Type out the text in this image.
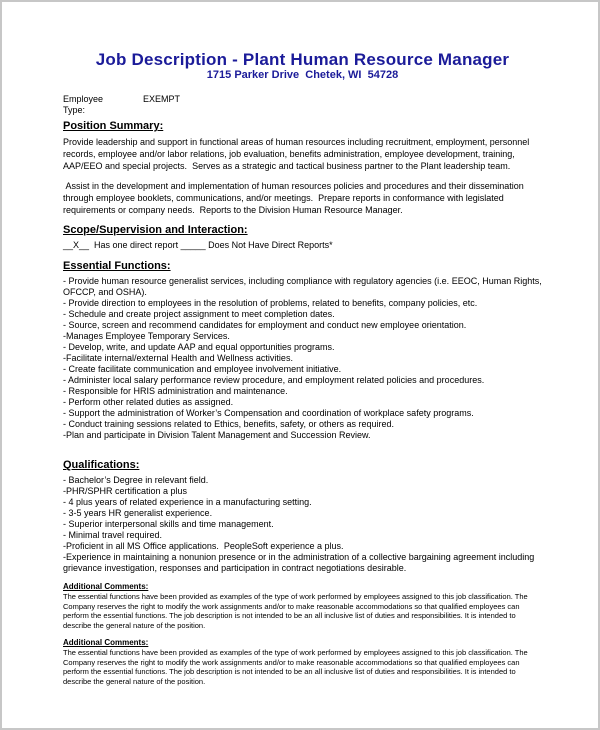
Job Description - Plant Human Resource Manager
1715 Parker Drive  Chetek, WI  54728
Employee Type:
EXEMPT
Position Summary:

Provide leadership and support in functional areas of human resources including recruitment, employment, personnel records, employee and/or labor relations, job evaluation, benefits administration, employee development, training, AAP/EEO and special projects.  Serves as a strategic and tactical business partner to the Plant leadership team.

Assist in the development and implementation of human resources policies and procedures and their dissemination through employee booklets, communications, and/or meetings.  Prepare reports in conformance with legislated requirements or company needs.  Reports to the Division Human Resource Manager.

Scope/Supervision and Interaction:
__X__  Has one direct report _____ Does Not Have Direct Reports*
Essential Functions:
- Provide human resource generalist services, including compliance with regulatory agencies (i.e. EEOC, Human Rights, OFCCP, and OSHA).
- Provide direction to employees in the resolution of problems, related to benefits, company policies, etc.
- Schedule and create project assignment to meet completion dates.
- Source, screen and recommend candidates for employment and conduct new employee orientation.
-Manages Employee Temporary Services.
- Develop, write, and update AAP and equal opportunities programs.
-Facilitate internal/external Health and Wellness activities.
- Create facilitate communication and employee involvement initiative.
- Administer local salary performance review procedure, and employment related policies and procedures.
- Responsible for HRIS administration and maintenance.
- Perform other related duties as assigned.
- Support the administration of Worker’s Compensation and coordination of workplace safety programs.
- Conduct training sessions related to Ethics, benefits, safety, or others as required.
-Plan and participate in Division Talent Management and Succession Review.
Qualifications:
- Bachelor’s Degree in relevant field.
-PHR/SPHR certification a plus
- 4 plus years of related experience in a manufacturing setting.
- 3-5 years HR generalist experience.
- Superior interpersonal skills and time management.
- Minimal travel required.
-Proficient in all MS Office applications.  PeopleSoft experience a plus.
-Experience in maintaining a nonunion presence or in the administration of a collective bargaining agreement including grievance investigation, responses and participation in contract negotiations desirable.
Additional Comments:

The essential functions have been provided as examples of the type of work performed by employees assigned to this job classification. The Company reserves the right to modify the work assignments and/or to make reasonable accommodations so that qualified employees can perform the essential functions. The job description is not intended to be an all inclusive list of duties and responsibilities. It is intended to describe the general nature of the position.

Additional Comments:

The essential functions have been provided as examples of the type of work performed by employees assigned to this job classification. The Company reserves the right to modify the work assignments and/or to make reasonable accommodations so that qualified employees can perform the essential functions. The job description is not intended to be an all inclusive list of duties and responsibilities. It is intended to describe the general nature of the position.
